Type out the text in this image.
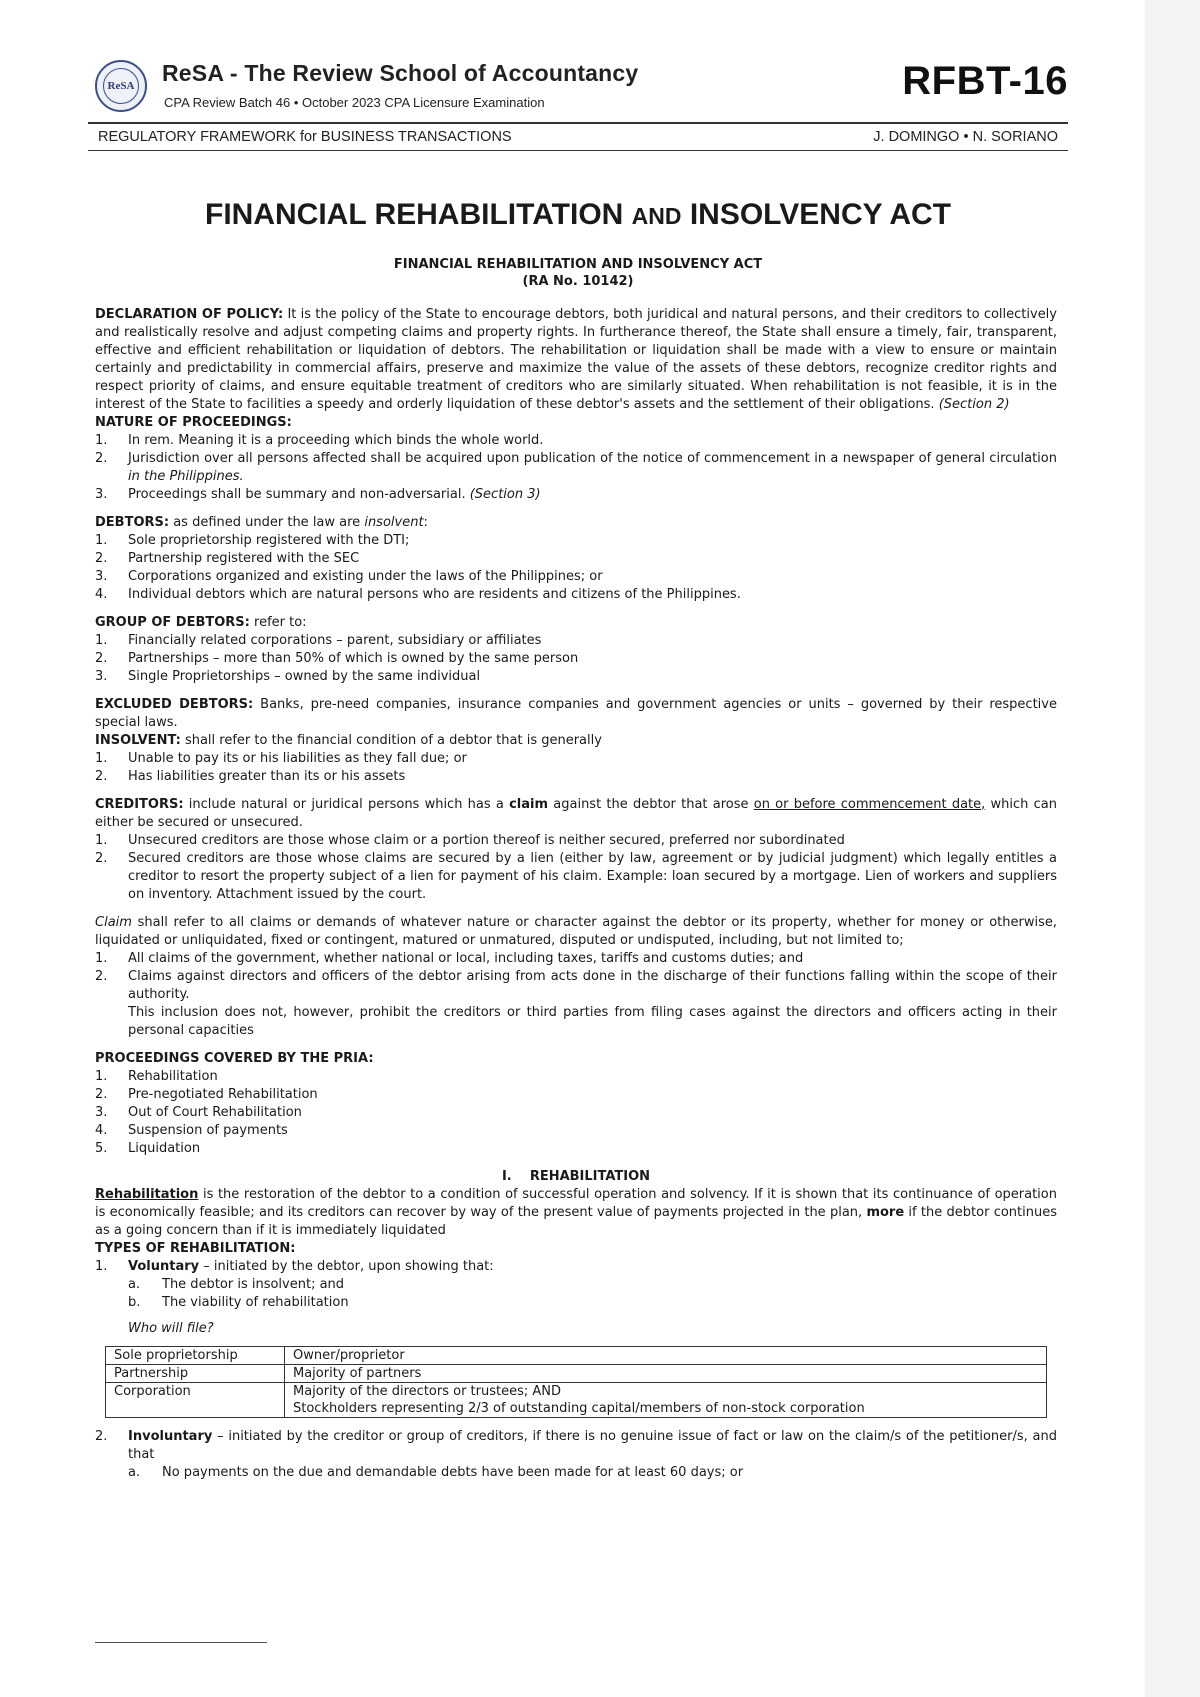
ReSA ReSA - The Review School of Accountancy
CPA Review Batch 46 • October 2023 CPA Licensure Examination	RFBT-16
REGULATORY FRAMEWORK for BUSINESS TRANSACTIONS	J. DOMINGO • N. SORIANO
FINANCIAL REHABILITATION AND INSOLVENCY ACT
FINANCIAL REHABILITATION AND INSOLVENCY ACT
(RA No. 10142)

DECLARATION OF POLICY: It is the policy of the State to encourage debtors, both juridical and natural persons, and their creditors to collectively and realistically resolve and adjust competing claims and property rights. In furtherance thereof, the State shall ensure a timely, fair, transparent, effective and efficient rehabilitation or liquidation of debtors. The rehabilitation or liquidation shall be made with a view to ensure or maintain certainly and predictability in commercial affairs, preserve and maximize the value of the assets of these debtors, recognize creditor rights and respect priority of claims, and ensure equitable treatment of creditors who are similarly situated. When rehabilitation is not feasible, it is in the interest of the State to facilities a speedy and orderly liquidation of these debtor's assets and the settlement of their obligations. (Section 2)

NATURE OF PROCEEDINGS:

1. In rem. Meaning it is a proceeding which binds the whole world.
2. Jurisdiction over all persons affected shall be acquired upon publication of the notice of commencement in a newspaper of general circulation in the Philippines.
3. Proceedings shall be summary and non-adversarial. (Section 3)

DEBTORS: as defined under the law are insolvent:

1. Sole proprietorship registered with the DTI;
2. Partnership registered with the SEC
3. Corporations organized and existing under the laws of the Philippines; or
4. Individual debtors which are natural persons who are residents and citizens of the Philippines.

GROUP OF DEBTORS: refer to:

1. Financially related corporations – parent, subsidiary or affiliates
2. Partnerships – more than 50% of which is owned by the same person
3. Single Proprietorships – owned by the same individual

EXCLUDED DEBTORS: Banks, pre-need companies, insurance companies and government agencies or units – governed by their respective special laws.

INSOLVENT: shall refer to the financial condition of a debtor that is generally

1. Unable to pay its or his liabilities as they fall due; or
2. Has liabilities greater than its or his assets

CREDITORS: include natural or juridical persons which has a claim against the debtor that arose on or before commencement date, which can either be secured or unsecured.

1. Unsecured creditors are those whose claim or a portion thereof is neither secured, preferred nor subordinated
2. Secured creditors are those whose claims are secured by a lien (either by law, agreement or by judicial judgment) which legally entitles a creditor to resort the property subject of a lien for payment of his claim. Example: loan secured by a mortgage. Lien of workers and suppliers on inventory. Attachment issued by the court.

Claim shall refer to all claims or demands of whatever nature or character against the debtor or its property, whether for money or otherwise, liquidated or unliquidated, fixed or contingent, matured or unmatured, disputed or undisputed, including, but not limited to;

1. All claims of the government, whether national or local, including taxes, tariffs and customs duties; and
2. Claims against directors and officers of the debtor arising from acts done in the discharge of their functions falling within the scope of their authority.

This inclusion does not, however, prohibit the creditors or third parties from filing cases against the directors and officers acting in their personal capacities

PROCEEDINGS COVERED BY THE PRIA:

1. Rehabilitation
2. Pre-negotiated Rehabilitation
3. Out of Court Rehabilitation
4. Suspension of payments
5. Liquidation

I.    REHABILITATION

Rehabilitation is the restoration of the debtor to a condition of successful operation and solvency. If it is shown that its continuance of operation is economically feasible; and its creditors can recover by way of the present value of payments projected in the plan, more if the debtor continues as a going concern than if it is immediately liquidated

TYPES OF REHABILITATION:

1. Voluntary – initiated by the debtor, upon showing that:
a. The debtor is insolvent; and
b. The viability of rehabilitation

Who will file?

Sole proprietorship	Owner/proprietor
Partnership	Majority of partners
Corporation	Majority of the directors or trustees; AND
Stockholders representing 2/3 of outstanding capital/members of non-stock corporation
2. Involuntary – initiated by the creditor or group of creditors, if there is no genuine issue of fact or law on the claim/s of the petitioner/s, and that
a. No payments on the due and demandable debts have been made for at least 60 days; or
